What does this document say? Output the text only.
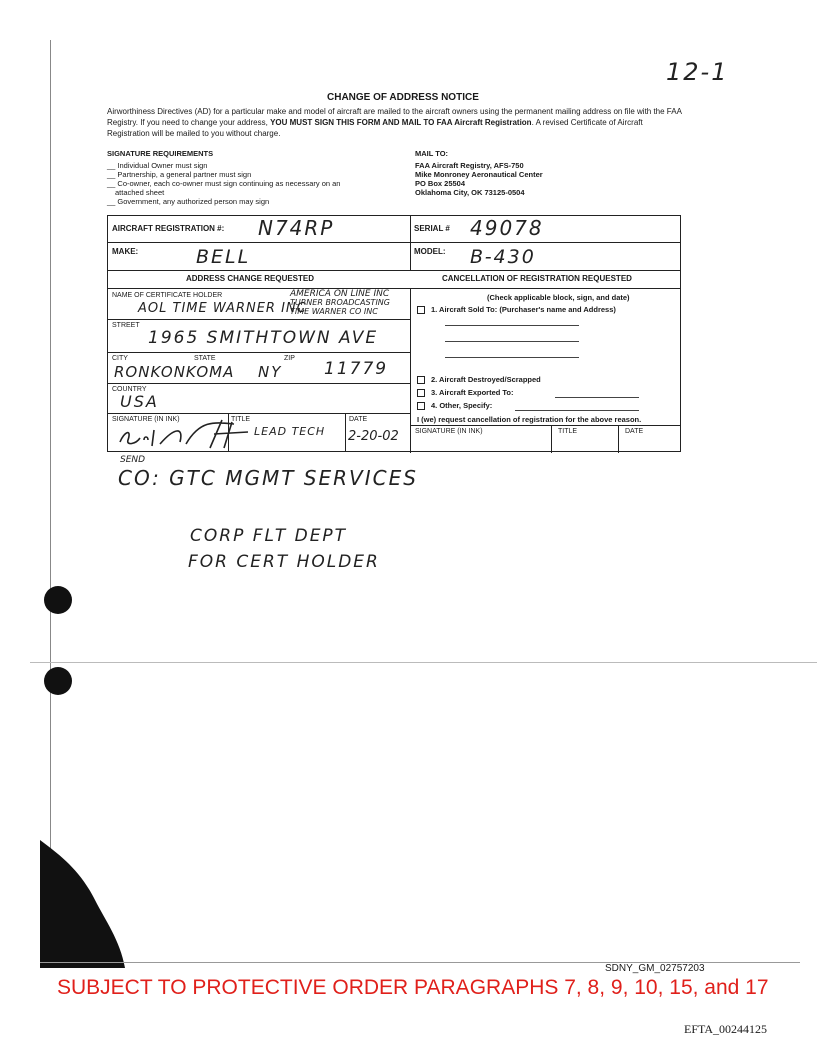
12-1
CHANGE OF ADDRESS NOTICE
Airworthiness Directives (AD) for a particular make and model of aircraft are mailed to the aircraft owners using the permanent mailing address on file with the FAA Registry. If you need to change your address, YOU MUST SIGN THIS FORM AND MAIL TO FAA Aircraft Registration. A revised Certificate of Aircraft Registration will be mailed to you without charge.
SIGNATURE REQUIREMENTS
__ Individual Owner must sign
__ Partnership, a general partner must sign
__ Co-owner, each co-owner must sign continuing as necessary on an
attached sheet
__ Government, any authorized person may sign
MAIL TO:
FAA Aircraft Registry, AFS-750
Mike Monroney Aeronautical Center
PO Box 25504
Oklahoma City, OK 73125-0504
AIRCRAFT REGISTRATION #: N74RP	SERIAL # 49078
MAKE:	BELL	MODEL: B-430
ADDRESS CHANGE REQUESTED	CANCELLATION OF REGISTRATION REQUESTED
NAME OF CERTIFICATE HOLDER
AOL TIME WARNER INC
AMERICA ON LINE INC
TURNER BROADCASTING
TIME WARNER CO INC
STREET
1965 SMITHTOWN AVE
CITY	STATE	ZIP
RONKONKOMA NY 11779
COUNTRY
USA
SIGNATURE (IN INK)	TITLE	DATE
LEAD TECH 2-20-02
(Check applicable block, sign, and date)
1. Aircraft Sold To: (Purchaser's name and Address)
2. Aircraft Destroyed/Scrapped
3. Aircraft Exported To:
4. Other, Specify:
I (we) request cancellation of registration for the above reason.
SIGNATURE (IN INK)	TITLE	DATE
SEND
CO: GTC MGMT SERVICES
CORP FLT DEPT
FOR CERT HOLDER
SDNY_GM_02757203
SUBJECT TO PROTECTIVE ORDER PARAGRAPHS 7, 8, 9, 10, 15, and 17
EFTA_00244125
